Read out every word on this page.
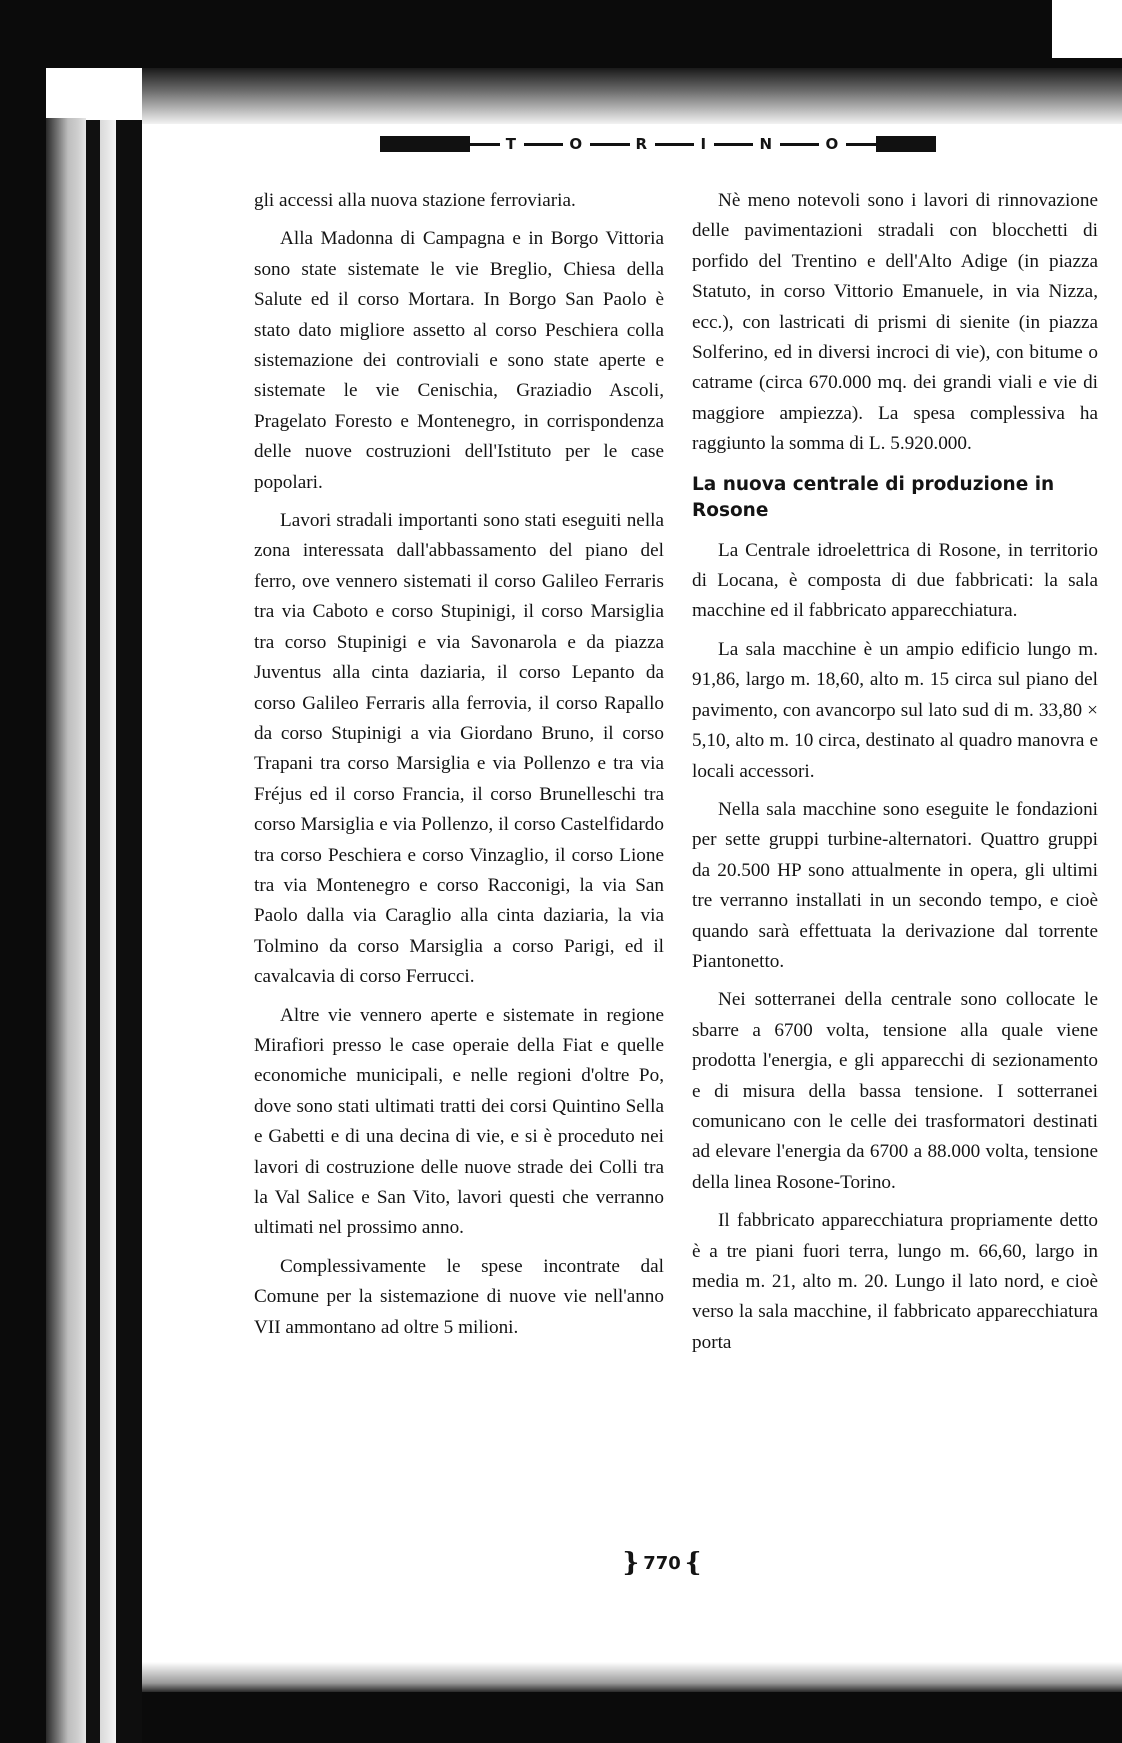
T	O	R	I	N	O

gli accessi alla nuova stazione ferroviaria.

Alla Madonna di Campagna e in Borgo Vittoria sono state sistemate le vie Breglio, Chiesa della Salute ed il corso Mortara. In Borgo San Paolo è stato dato migliore assetto al corso Peschiera colla sistemazione dei controviali e sono state aperte e sistemate le vie Cenischia, Graziadio Ascoli, Pragelato Foresto e Montenegro, in corrispondenza delle nuove costruzioni dell'Istituto per le case popolari.

Lavori stradali importanti sono stati eseguiti nella zona interessata dall'abbassamento del piano del ferro, ove vennero sistemati il corso Galileo Ferraris tra via Caboto e corso Stupinigi, il corso Marsiglia tra corso Stupinigi e via Savonarola e da piazza Juventus alla cinta daziaria, il corso Lepanto da corso Galileo Ferraris alla ferrovia, il corso Rapallo da corso Stupinigi a via Giordano Bruno, il corso Trapani tra corso Marsiglia e via Pollenzo e tra via Fréjus ed il corso Francia, il corso Brunelleschi tra corso Marsiglia e via Pollenzo, il corso Castelfidardo tra corso Peschiera e corso Vinzaglio, il corso Lione tra via Montenegro e corso Racconigi, la via San Paolo dalla via Caraglio alla cinta daziaria, la via Tolmino da corso Marsiglia a corso Parigi, ed il cavalcavia di corso Ferrucci.

Altre vie vennero aperte e sistemate in regione Mirafiori presso le case operaie della Fiat e quelle economiche municipali, e nelle regioni d'oltre Po, dove sono stati ultimati tratti dei corsi Quintino Sella e Gabetti e di una decina di vie, e si è proceduto nei lavori di costruzione delle nuove strade dei Colli tra la Val Salice e San Vito, lavori questi che verranno ultimati nel prossimo anno.

Complessivamente le spese incontrate dal Comune per la sistemazione di nuove vie nell'anno VII ammontano ad oltre 5 milioni.

Nè meno notevoli sono i lavori di rinnovazione delle pavimentazioni stradali con blocchetti di porfido del Trentino e dell'Alto Adige (in piazza Statuto, in corso Vittorio Emanuele, in via Nizza, ecc.), con lastricati di prismi di sienite (in piazza Solferino, ed in diversi incroci di vie), con bitume o catrame (circa 670.000 mq. dei grandi viali e vie di maggiore ampiezza). La spesa complessiva ha raggiunto la somma di L. 5.920.000.

La nuova centrale di produzione in Rosone

La Centrale idroelettrica di Rosone, in territorio di Locana, è composta di due fabbricati: la sala macchine ed il fabbricato apparecchiatura.

La sala macchine è un ampio edificio lungo m. 91,86, largo m. 18,60, alto m. 15 circa sul piano del pavimento, con avancorpo sul lato sud di m. 33,80 × 5,10, alto m. 10 circa, destinato al quadro manovra e locali accessori.

Nella sala macchine sono eseguite le fondazioni per sette gruppi turbine-alternatori. Quattro gruppi da 20.500 HP sono attualmente in opera, gli ultimi tre verranno installati in un secondo tempo, e cioè quando sarà effettuata la derivazione dal torrente Piantonetto.

Nei sotterranei della centrale sono collocate le sbarre a 6700 volta, tensione alla quale viene prodotta l'energia, e gli apparecchi di sezionamento e di misura della bassa tensione. I sotterranei comunicano con le celle dei trasformatori destinati ad elevare l'energia da 6700 a 88.000 volta, tensione della linea Rosone-Torino.

Il fabbricato apparecchiatura propriamente detto è a tre piani fuori terra, lungo m. 66,60, largo in media m. 21, alto m. 20. Lungo il lato nord, e cioè verso la sala macchine, il fabbricato apparecchiatura porta

} 770 {
